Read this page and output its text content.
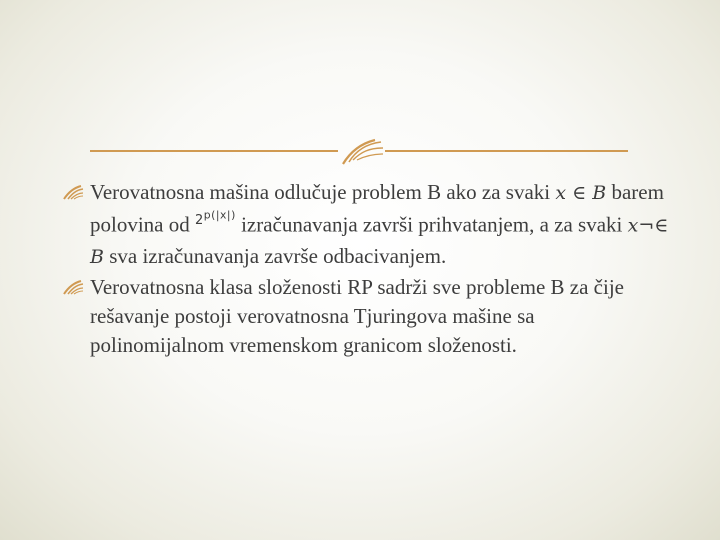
Verovatnosna mašina odlučuje problem B ako za svaki x ∈ B barem polovina od $^{2^{p(|x|)}}$ izračunavanja završi prihvatanjem, a za svaki x¬∈ B sva izračunavanja završe odbacivanjem.
Verovatnosna klasa složenosti RP sadrži sve probleme B za čije rešavanje postoji verovatnosna Tjuringova mašine sa polinomijalnom vremenskom granicom složenosti.
